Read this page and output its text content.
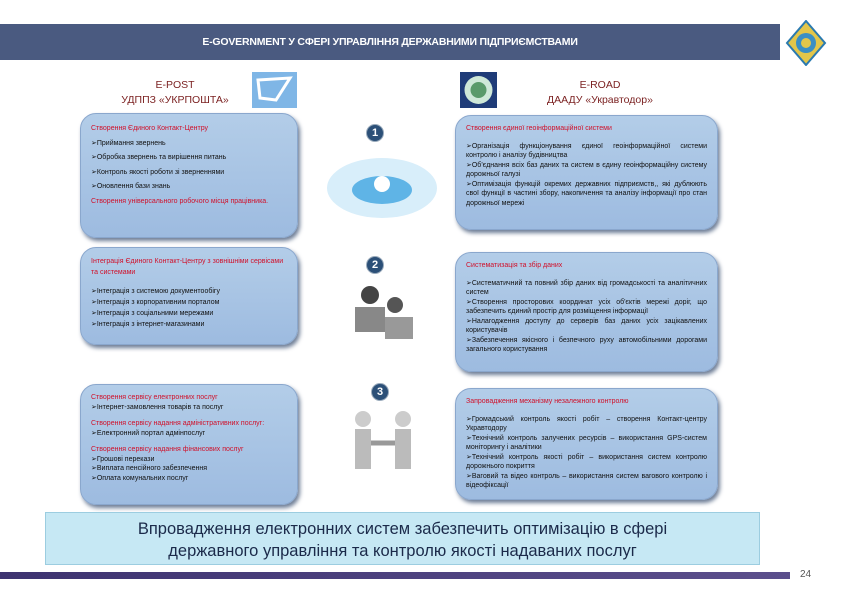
E-GOVERNMENT У СФЕРІ УПРАВЛІННЯ ДЕРЖАВНИМИ ПІДПРИЄМСТВАМИ
E-POST
УДППЗ «УКРПОШТА»
E-ROAD
ДААДУ «Укравтодор»

Створення Єдиного Контакт-Центру

➢Приймання звернень

➢Обробка звернень та вирішення питань

➢Контроль якості роботи зі зверненнями

➢Оновлення бази знань

Створення універсального робочого місця працівника.

Інтеграція Єдиного Контакт-Центру з зовнішніми сервісами та системами

➢Інтеграція з системою документообігу

➢Інтеграція з корпоративним порталом

➢Інтеграція з соціальними мережами

➢Інтеграція з інтернет-магазинами

Створення сервісу електронних послуг

➢Інтернет-замовлення товарів та послуг

Створення сервісу надання адміністративних послуг:

➢Електронний портал адмінпослуг

Створення сервісу надання фінансових послуг

➢Грошові перекази

➢Виплата пенсійного забезпечення

➢Оплата комунальних послуг

Створення єдиної геоінформаційної системи

➢Організація функціонування єдиної геоінформаційної системи контролю і аналізу будівництва

➢Об'єднання всіх баз даних та систем в єдину геоінформаційну систему дорожньої галузі

➢Оптимізація функцій окремих державних підприємств,, які дублюють свої функції в частині збору, накопичення та аналізу інформації про стан дорожньої мережі

Систематизація та збір даних

➢Систематичний та повний збір даних від громадськості та аналітичних систем

➢Створення просторових координат усіх об'єктів мережі доріг, що забезпечить єдиний простір для розміщення інформації

➢Налагодження доступу до серверів баз даних усіх зацікавлених користувачів

➢Забезпечення якісного і безпечного руху автомобільними дорогами загального користування

Запровадження механізму незалежного контролю

➢Громадський контроль якості робіт – створення Контакт-центру Укравтодору

➢Технічний контроль залучених ресурсів – використання GPS-систем моніторингу і аналітики

➢Технічний контроль якості робіт – використання систем контролю дорожнього покриття

➢Ваговий та відео контроль – використання систем вагового контролю і відеофіксації

1
2
3
Впровадження електронних систем забезпечить оптимізацію в сфері
державного управління та контролю якості надаваних послуг
24
